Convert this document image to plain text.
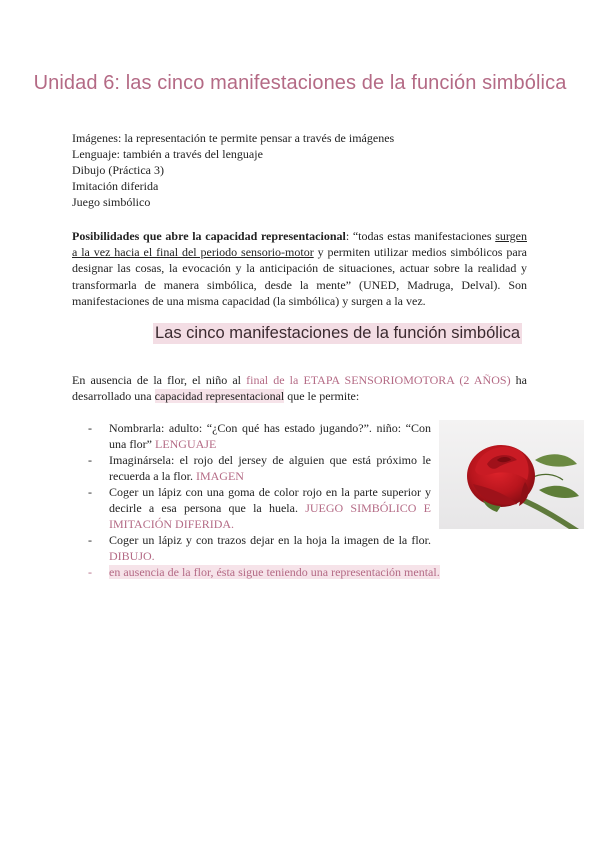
Unidad 6: las cinco manifestaciones de la función simbólica
Imágenes: la representación te permite pensar a través de imágenes
Lenguaje: también a través del lenguaje
Dibujo (Práctica 3)
Imitación diferida
Juego simbólico
Posibilidades que abre la capacidad representacional: “todas estas manifestaciones surgen a la vez hacia el final del periodo sensorio-motor y permiten utilizar medios simbólicos para designar las cosas, la evocación y la anticipación de situaciones, actuar sobre la realidad y transformarla de manera simbólica, desde la mente” (UNED, Madruga, Delval). Son manifestaciones de una misma capacidad (la simbólica) y surgen a la vez.
Las cinco manifestaciones de la función simbólica
En ausencia de la flor, el niño al final de la ETAPA SENSORIOMOTORA (2 AÑOS) ha desarrollado una capacidad representacional que le permite:
-	Nombrarla: adulto: “¿Con qué has estado jugando?”. niño: “Con una flor” LENGUAJE
-	Imaginársela: el rojo del jersey de alguien que está próximo le recuerda a la flor. IMAGEN
-	Coger un lápiz con una goma de color rojo en la parte superior y decirle a esa persona que la huela. JUEGO SIMBÓLICO E IMITACIÓN DIFERIDA.
-	Coger un lápiz y con trazos dejar en la hoja la imagen de la flor. DIBUJO.
-	en ausencia de la flor, ésta sigue teniendo una representación mental.
